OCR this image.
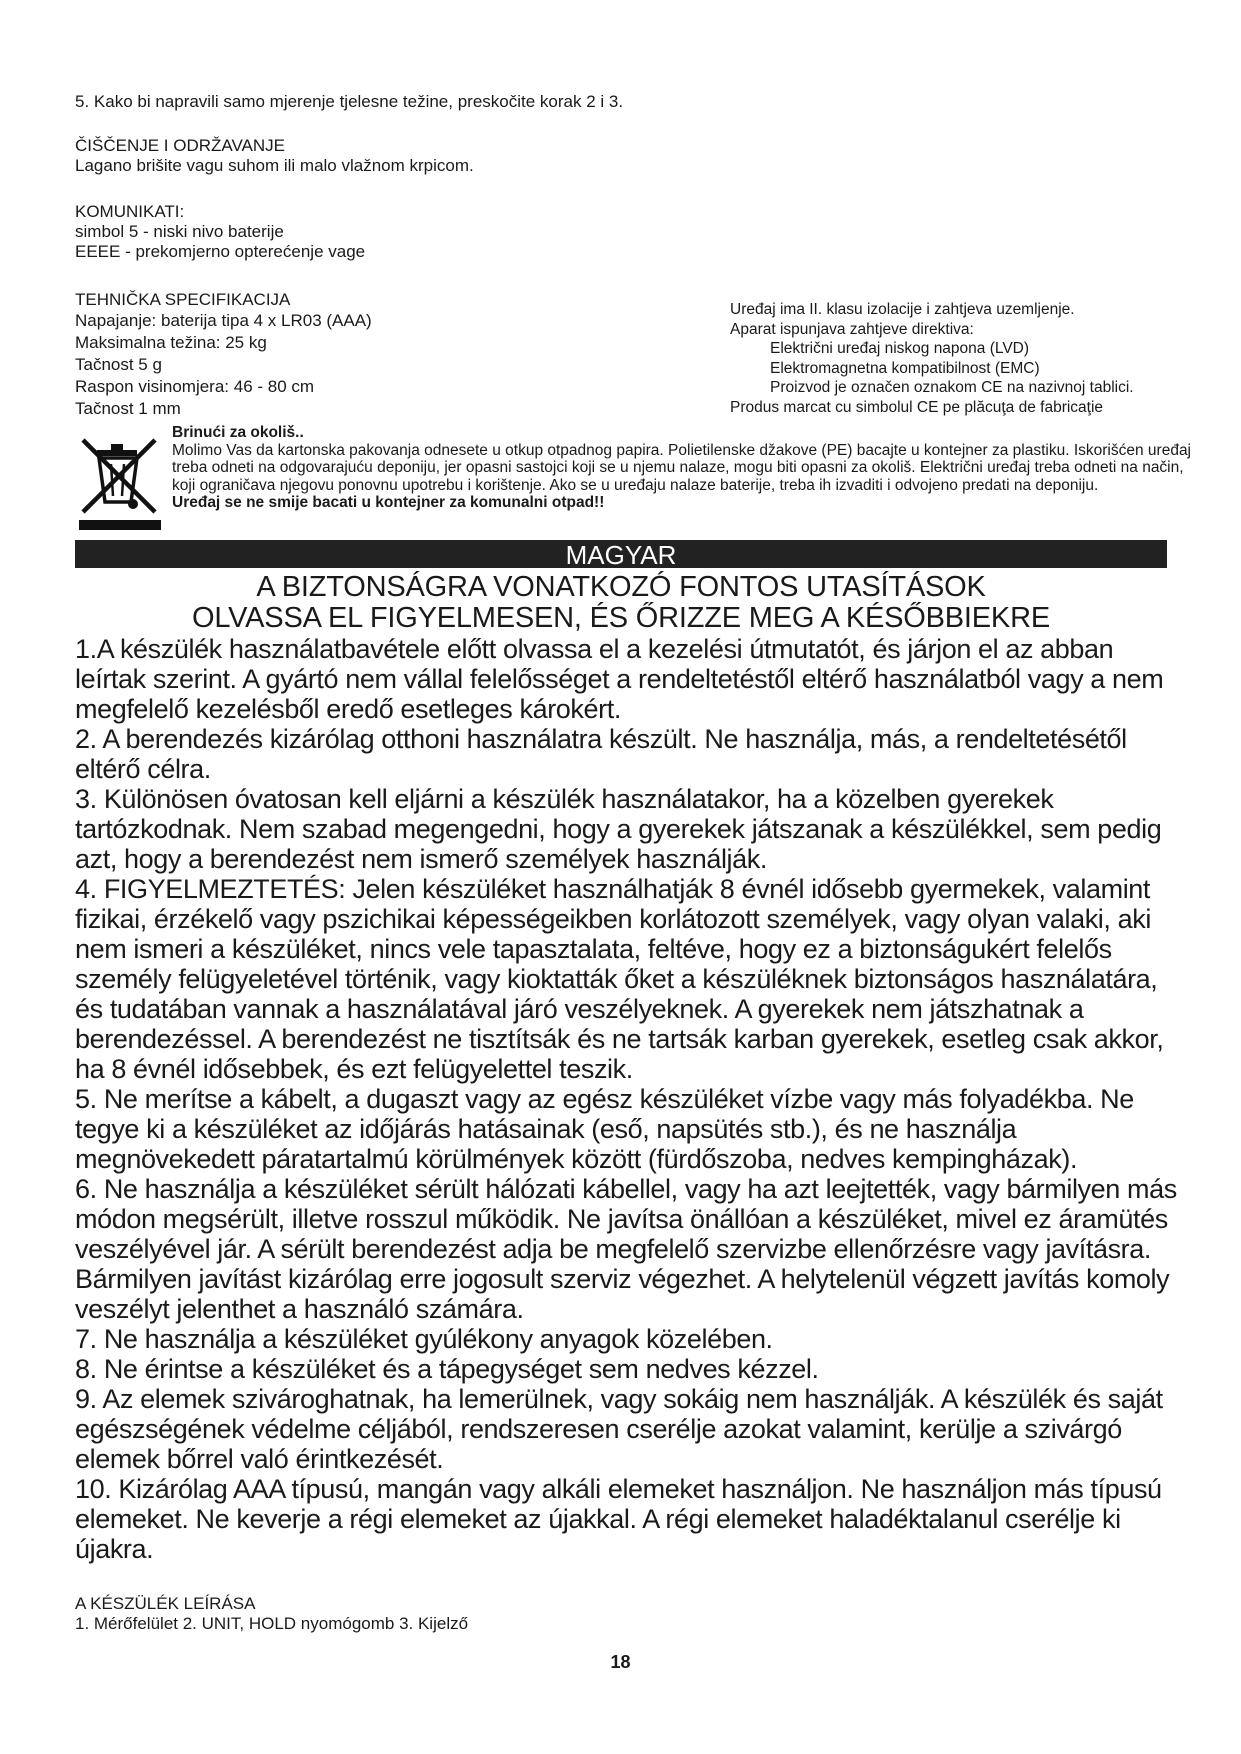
5. Kako bi napravili samo mjerenje tjelesne težine, preskočite korak 2 i 3.

ČIŠČENJE I ODRŽAVANJE

Lagano brišite vagu suhom ili malo vlažnom krpicom.

KOMUNIKATI:

simbol 5 - niski nivo baterije

EEEE - prekomjerno opterećenje vage

TEHNIČKA SPECIFIKACIJA

Napajanje: baterija tipa 4 x LR03 (AAA)

Maksimalna težina: 25 kg

Tačnost 5 g

Raspon visinomjera: 46 - 80 cm

Tačnost 1 mm

Uređaj ima II. klasu izolacije i zahtjeva uzemljenje.
Aparat ispunjava zahtjeve direktiva:
Električni uređaj niskog napona (LVD)
Elektromagnetna kompatibilnost (EMC)
Proizvod je označen oznakom CE na nazivnoj tablici.
Produs marcat cu simbolul CE pe plăcuţa de fabricaţie
Brinući za okoliš..
Molimo Vas da kartonska pakovanja odnesete u otkup otpadnog papira. Polietilenske džakove (PE) bacajte u kontejner za plastiku. Iskorišćen uređaj treba odneti na odgovarajuću deponiju, jer opasni sastojci koji se u njemu nalaze, mogu biti opasni za okoliš. Električni uređaj treba odneti na način, koji ograničava njegovu ponovnu upotrebu i korištenje. Ako se u uređaju nalaze baterije, treba ih izvaditi i odvojeno predati na deponiju.
Uređaj se ne smije bacati u kontejner za komunalni otpad!!
MAGYAR
A BIZTONSÁGRA VONATKOZÓ FONTOS UTASÍTÁSOK
OLVASSA EL FIGYELMESEN, ÉS ŐRIZZE MEG A KÉSŐBBIEKRE

1.A készülék használatbavétele előtt olvassa el a kezelési útmutatót, és járjon el az abban leírtak szerint. A gyártó nem vállal felelősséget a rendeltetéstől eltérő használatból vagy a nem megfelelő kezelésből eredő esetleges károkért.

2. A berendezés kizárólag otthoni használatra készült. Ne használja, más, a rendeltetésétől eltérő célra.

3. Különösen óvatosan kell eljárni a készülék használatakor, ha a közelben gyerekek tartózkodnak. Nem szabad megengedni, hogy a gyerekek játszanak a készülékkel, sem pedig azt, hogy a berendezést nem ismerő személyek használják.

4. FIGYELMEZTETÉS: Jelen készüléket használhatják 8 évnél idősebb gyermekek, valamint fizikai, érzékelő vagy pszichikai képességeikben korlátozott személyek, vagy olyan valaki, aki nem ismeri a készüléket, nincs vele tapasztalata, feltéve, hogy ez a biztonságukért felelős személy felügyeletével történik, vagy kioktatták őket a készüléknek biztonságos használatára, és tudatában vannak a használatával járó veszélyeknek. A gyerekek nem játszhatnak a berendezéssel. A berendezést ne tisztítsák és ne tartsák karban gyerekek, esetleg csak akkor, ha 8 évnél idősebbek, és ezt felügyelettel teszik.

5. Ne merítse a kábelt, a dugaszt vagy az egész készüléket vízbe vagy más folyadékba. Ne tegye ki a készüléket az időjárás hatásainak (eső, napsütés stb.), és ne használja megnövekedett páratartalmú körülmények között (fürdőszoba, nedves kempingházak).

6. Ne használja a készüléket sérült hálózati kábellel, vagy ha azt leejtették, vagy bármilyen más módon megsérült, illetve rosszul működik. Ne javítsa önállóan a készüléket, mivel ez áramütés veszélyével jár. A sérült berendezést adja be megfelelő szervizbe ellenőrzésre vagy javításra. Bármilyen javítást kizárólag erre jogosult szerviz végezhet. A helytelenül végzett javítás komoly veszélyt jelenthet a használó számára.

7. Ne használja a készüléket gyúlékony anyagok közelében.

8. Ne érintse a készüléket és a tápegységet sem nedves kézzel.

9. Az elemek szivároghatnak, ha lemerülnek, vagy sokáig nem használják. A készülék és saját egészségének védelme céljából, rendszeresen cserélje azokat valamint, kerülje a szivárgó elemek bőrrel való érintkezését.

10. Kizárólag AAA típusú, mangán vagy alkáli elemeket használjon. Ne használjon más típusú elemeket. Ne keverje a régi elemeket az újakkal. A régi elemeket haladéktalanul cserélje ki újakra.

A KÉSZÜLÉK LEÍRÁSA

1. Mérőfelület 2. UNIT, HOLD nyomógomb 3. Kijelző

18
